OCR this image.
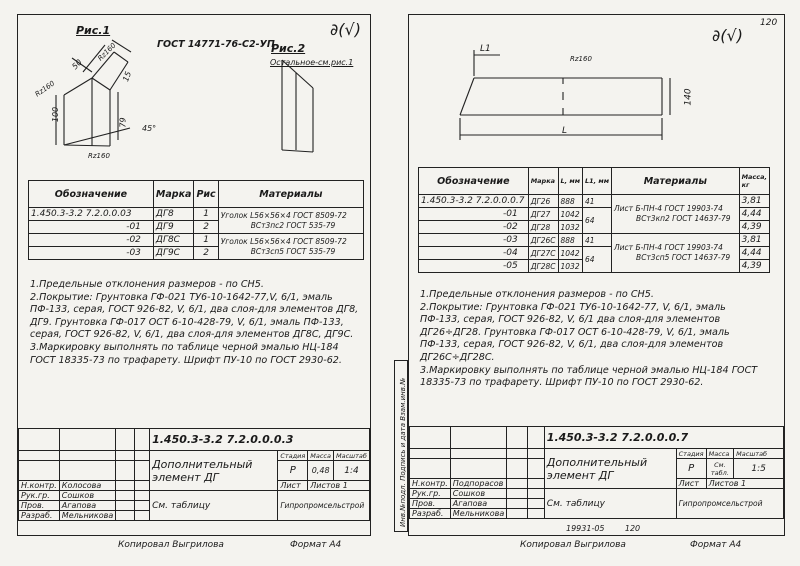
∂(√)
Рис.1
ГОСТ 14771-76-С2-УП
50
15
Rz160
100
79
45°
Rz160
Rz160
Рис.2
Остальное-см.рис.1
Обозначение	Марка	Рис	Материалы
1.450.3-3.2 7.2.0.0.03	ДГ8	1	Уголок L56×56×4 ГОСТ 8509-72
ВСт3пс2 ГОСТ 535-79
-01	ДГ9	2	
-02	ДГ8С	1	Уголок L56×56×4 ГОСТ 8509-72
ВСт3сп5 ГОСТ 535-79
-03	ДГ9С	2	

1.Предельные отклонения размеров - по СН5.

2.Покрытие: Грунтовка ГФ-021 ТУ6-10-1642-77,V, 6/1, эмаль ПФ-133, серая, ГОСТ 926-82, V, 6/1, два слоя-для элементов ДГ8, ДГ9. Грунтовка ГФ-017 ОСТ 6-10-428-79, V, 6/1, эмаль ПФ-133, серая, ГОСТ 926-82, V, 6/1, два слоя-для элементов ДГ8С, ДГ9С.

3.Маркировку выполнять по таблице черной эмалью НЦ-184 ГОСТ 18335-73 по трафарету. Шрифт ПУ-10 по ГОСТ 2930-62.

				1.450.3-3.2 7.2.0.0.0.3			
				Дополнительный элемент ДГ	Стадия	Масса	Масштаб
					Р	0,48	1:4
Н.контр.	Колосова				Лист	Листов 1	
Рук.гр.	Сошков			См. таблицу	Гипропромсельстрой		
Пров.	Агапова						
Разраб.	Мельникова						
Копировал Выгрилова	Формат А4
∂(√)
120
L1
Rz160
140
L
Обозначение	Марка	L, мм	L1, мм	Материалы	Масса, кг
1.450.3-3.2 7.2.0.0.0.7	ДГ26	888	41	Лист Б-ПН-4 ГОСТ 19903-74
ВСт3кп2 ГОСТ 14637-79	3,81
-01	ДГ27	1042	64		4,44
-02	ДГ28	1032			4,39
-03	ДГ26С	888	41	Лист Б-ПН-4 ГОСТ 19903-74
ВСт3сп5 ГОСТ 14637-79	3,81
-04	ДГ27С	1042	64		4,44
-05	ДГ28С	1032			4,39

1.Предельные отклонения размеров - по СН5.

2.Покрытие: Грунтовка ГФ-021 ТУ6-10-1642-77, V, 6/1, эмаль ПФ-133, серая, ГОСТ 926-82, V, 6/1 два слоя-для элементов ДГ26÷ДГ28. Грунтовка ГФ-017 ОСТ 6-10-428-79, V, 6/1, эмаль ПФ-133, серая, ГОСТ 926-82, V, 6/1, два слоя-для элементов ДГ26С÷ДГ28С.

3.Маркировку выполнять по таблице черной эмалью НЦ-184 ГОСТ 18335-73 по трафарету. Шрифт ПУ-10 по ГОСТ 2930-62.

Инв.№подл. Подпись и дата Взам.инв.№
					1.450.3-3.2 7.2.0.0.0.7			
				Дополнительный элемент ДГ	Стадия	Масса	Масштаб
					Р	См. табл.	1:5
Н.контр.	Подпорасов				Лист	Листов 1	
Рук.гр.	Сошков			См. таблицу	Гипропромсельстрой		
Пров.	Агапова						
Разраб.	Мельникова						
19931-05        120
Копировал Выгрилова	Формат А4
